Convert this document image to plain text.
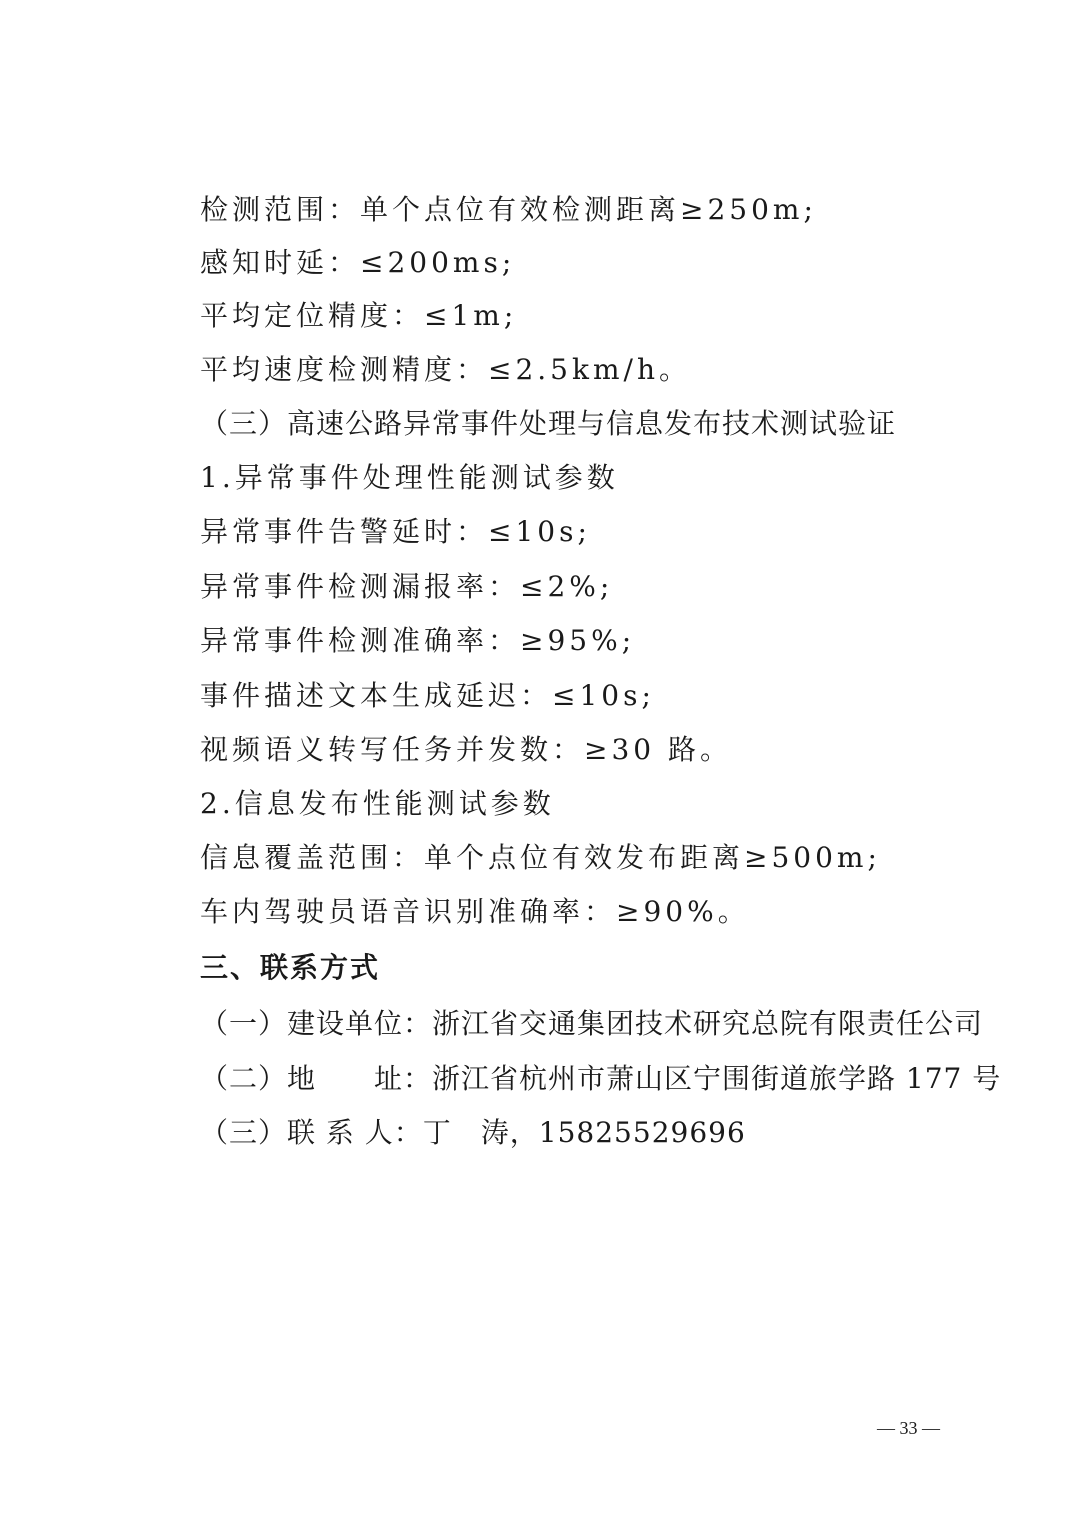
检测范围：单个点位有效检测距离≥250m;
感知时延：≤200ms;
平均定位精度：≤1m;
平均速度检测精度：≤2.5km/h。
（三）高速公路异常事件处理与信息发布技术测试验证
1.异常事件处理性能测试参数
异常事件告警延时：≤10s;
异常事件检测漏报率：≤2%;
异常事件检测准确率：≥95%;
事件描述文本生成延迟：≤10s;
视频语义转写任务并发数：≥30 路。
2.信息发布性能测试参数
信息覆盖范围：单个点位有效发布距离≥500m;
车内驾驶员语音识别准确率：≥90%。
三、联系方式
（一）建设单位：浙江省交通集团技术研究总院有限责任公司
（二）地　　址：浙江省杭州市萧山区宁围街道旅学路 177 号
（三）联 系 人：丁　涛，15825529696
— 33 —
